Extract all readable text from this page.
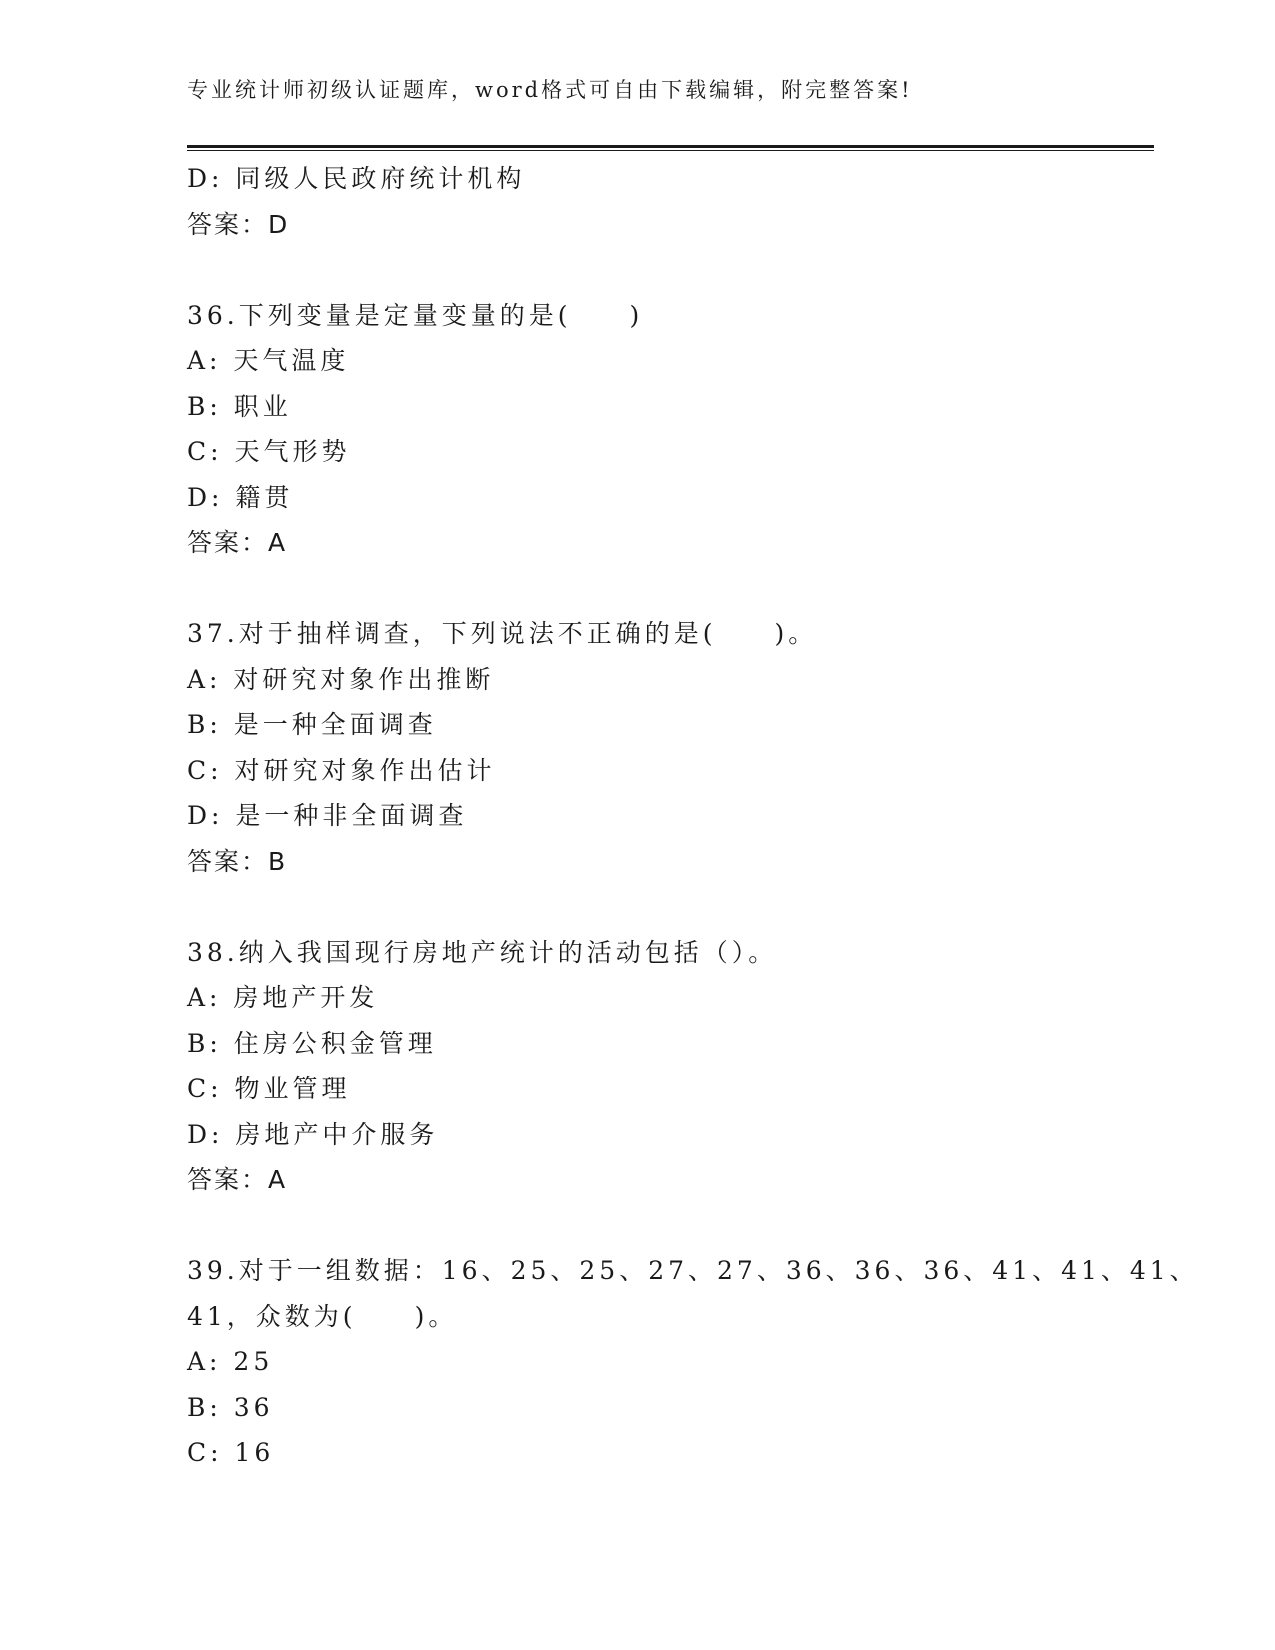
专业统计师初级认证题库，word格式可自由下载编辑，附完整答案!
D: 同级人民政府统计机构
答案：D
36.下列变量是定量变量的是(　　)
A: 天气温度
B: 职业
C: 天气形势
D: 籍贯
答案：A
37.对于抽样调查，下列说法不正确的是(　　)。
A: 对研究对象作出推断
B: 是一种全面调查
C: 对研究对象作出估计
D: 是一种非全面调查
答案：B
38.纳入我国现行房地产统计的活动包括（）。
A: 房地产开发
B: 住房公积金管理
C: 物业管理
D: 房地产中介服务
答案：A
39.对于一组数据：16、25、25、27、27、36、36、36、41、41、41、
41，众数为(　　)。
A: 25
B: 36
C: 16
